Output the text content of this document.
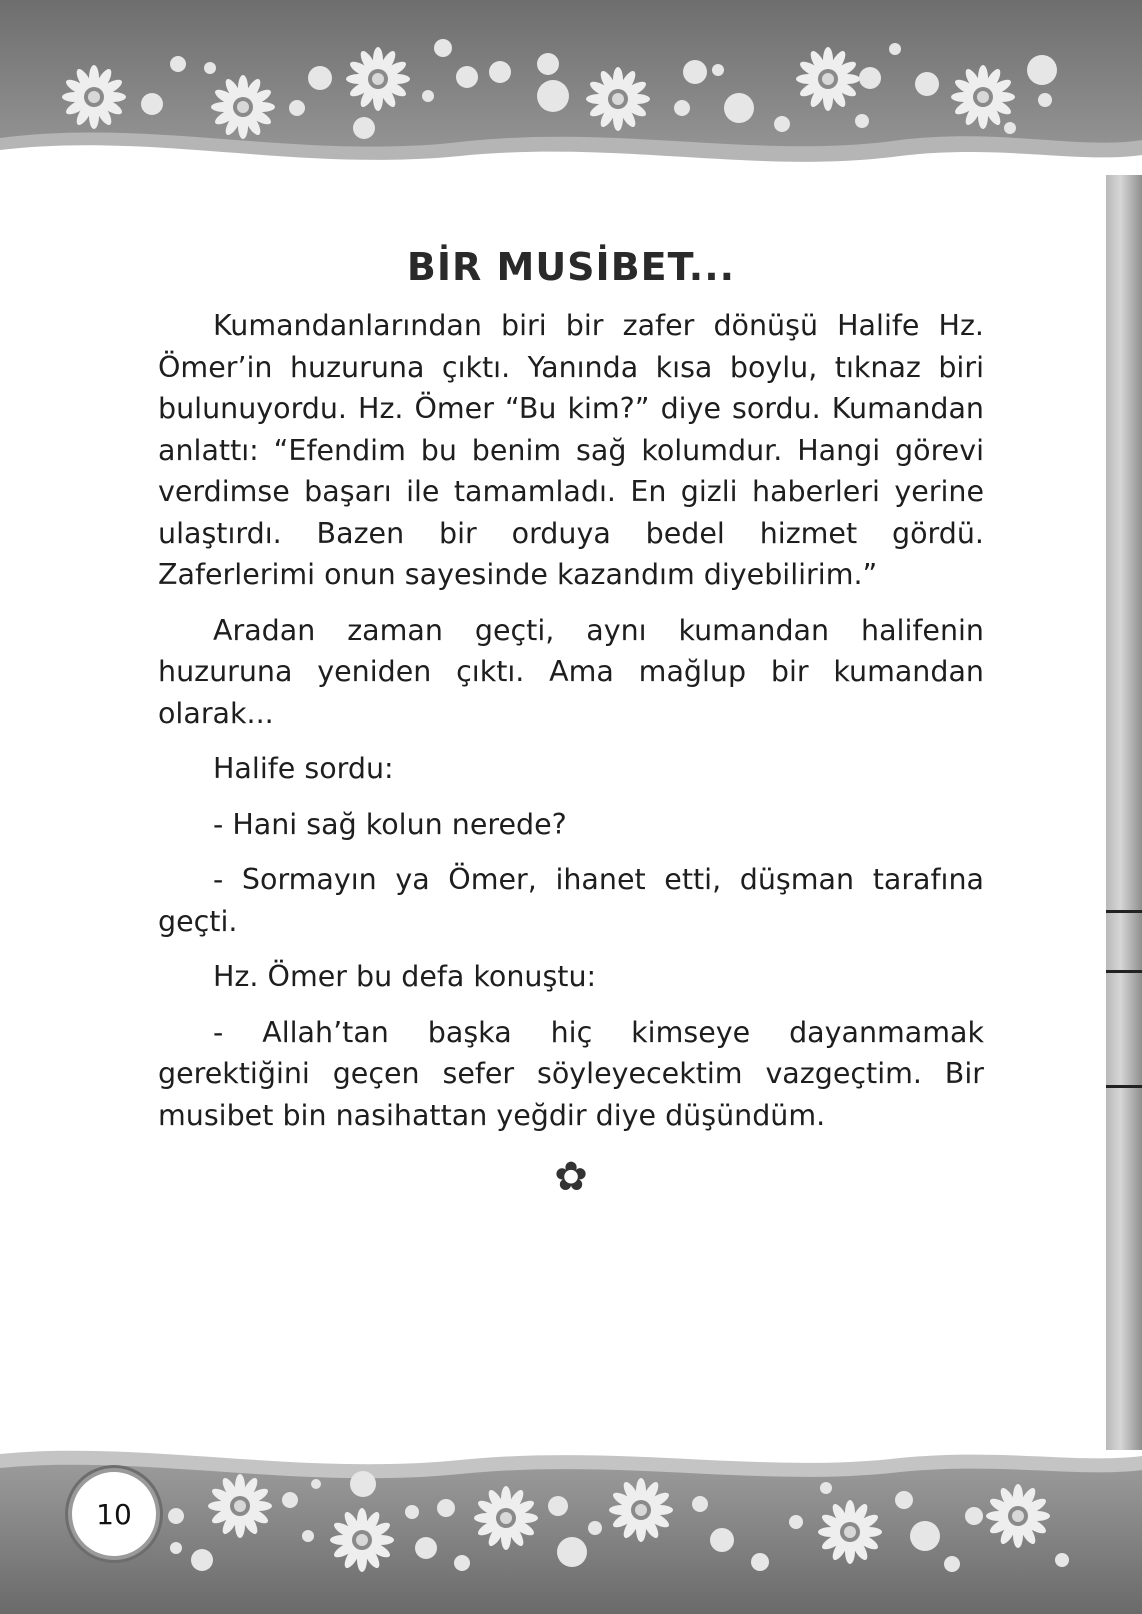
BİR MUSİBET...

Kumandanlarından biri bir zafer dönüşü Halife Hz. Ömer’in huzuruna çıktı. Yanında kısa boylu, tıknaz biri bulunuyordu. Hz. Ömer “Bu kim?” diye sordu. Kumandan anlattı: “Efendim bu benim sağ kolumdur. Hangi görevi verdimse başarı ile tamamladı. En gizli haberleri yerine ulaştırdı. Bazen bir orduya bedel hizmet gördü. Zaferlerimi onun sayesinde kazandım diyebilirim.”

Aradan zaman geçti, aynı kumandan halifenin huzuruna yeniden çıktı. Ama mağlup bir kumandan olarak...

Halife sordu:

- Hani sağ kolun nerede?

- Sormayın ya Ömer, ihanet etti, düşman tarafına geçti.

Hz. Ömer bu defa konuştu:

- Allah’tan başka hiç kimseye dayanmamak gerektiğini geçen sefer söyleyecektim vazgeçtim. Bir musibet bin nasihattan yeğdir diye düşündüm.

✿
10
